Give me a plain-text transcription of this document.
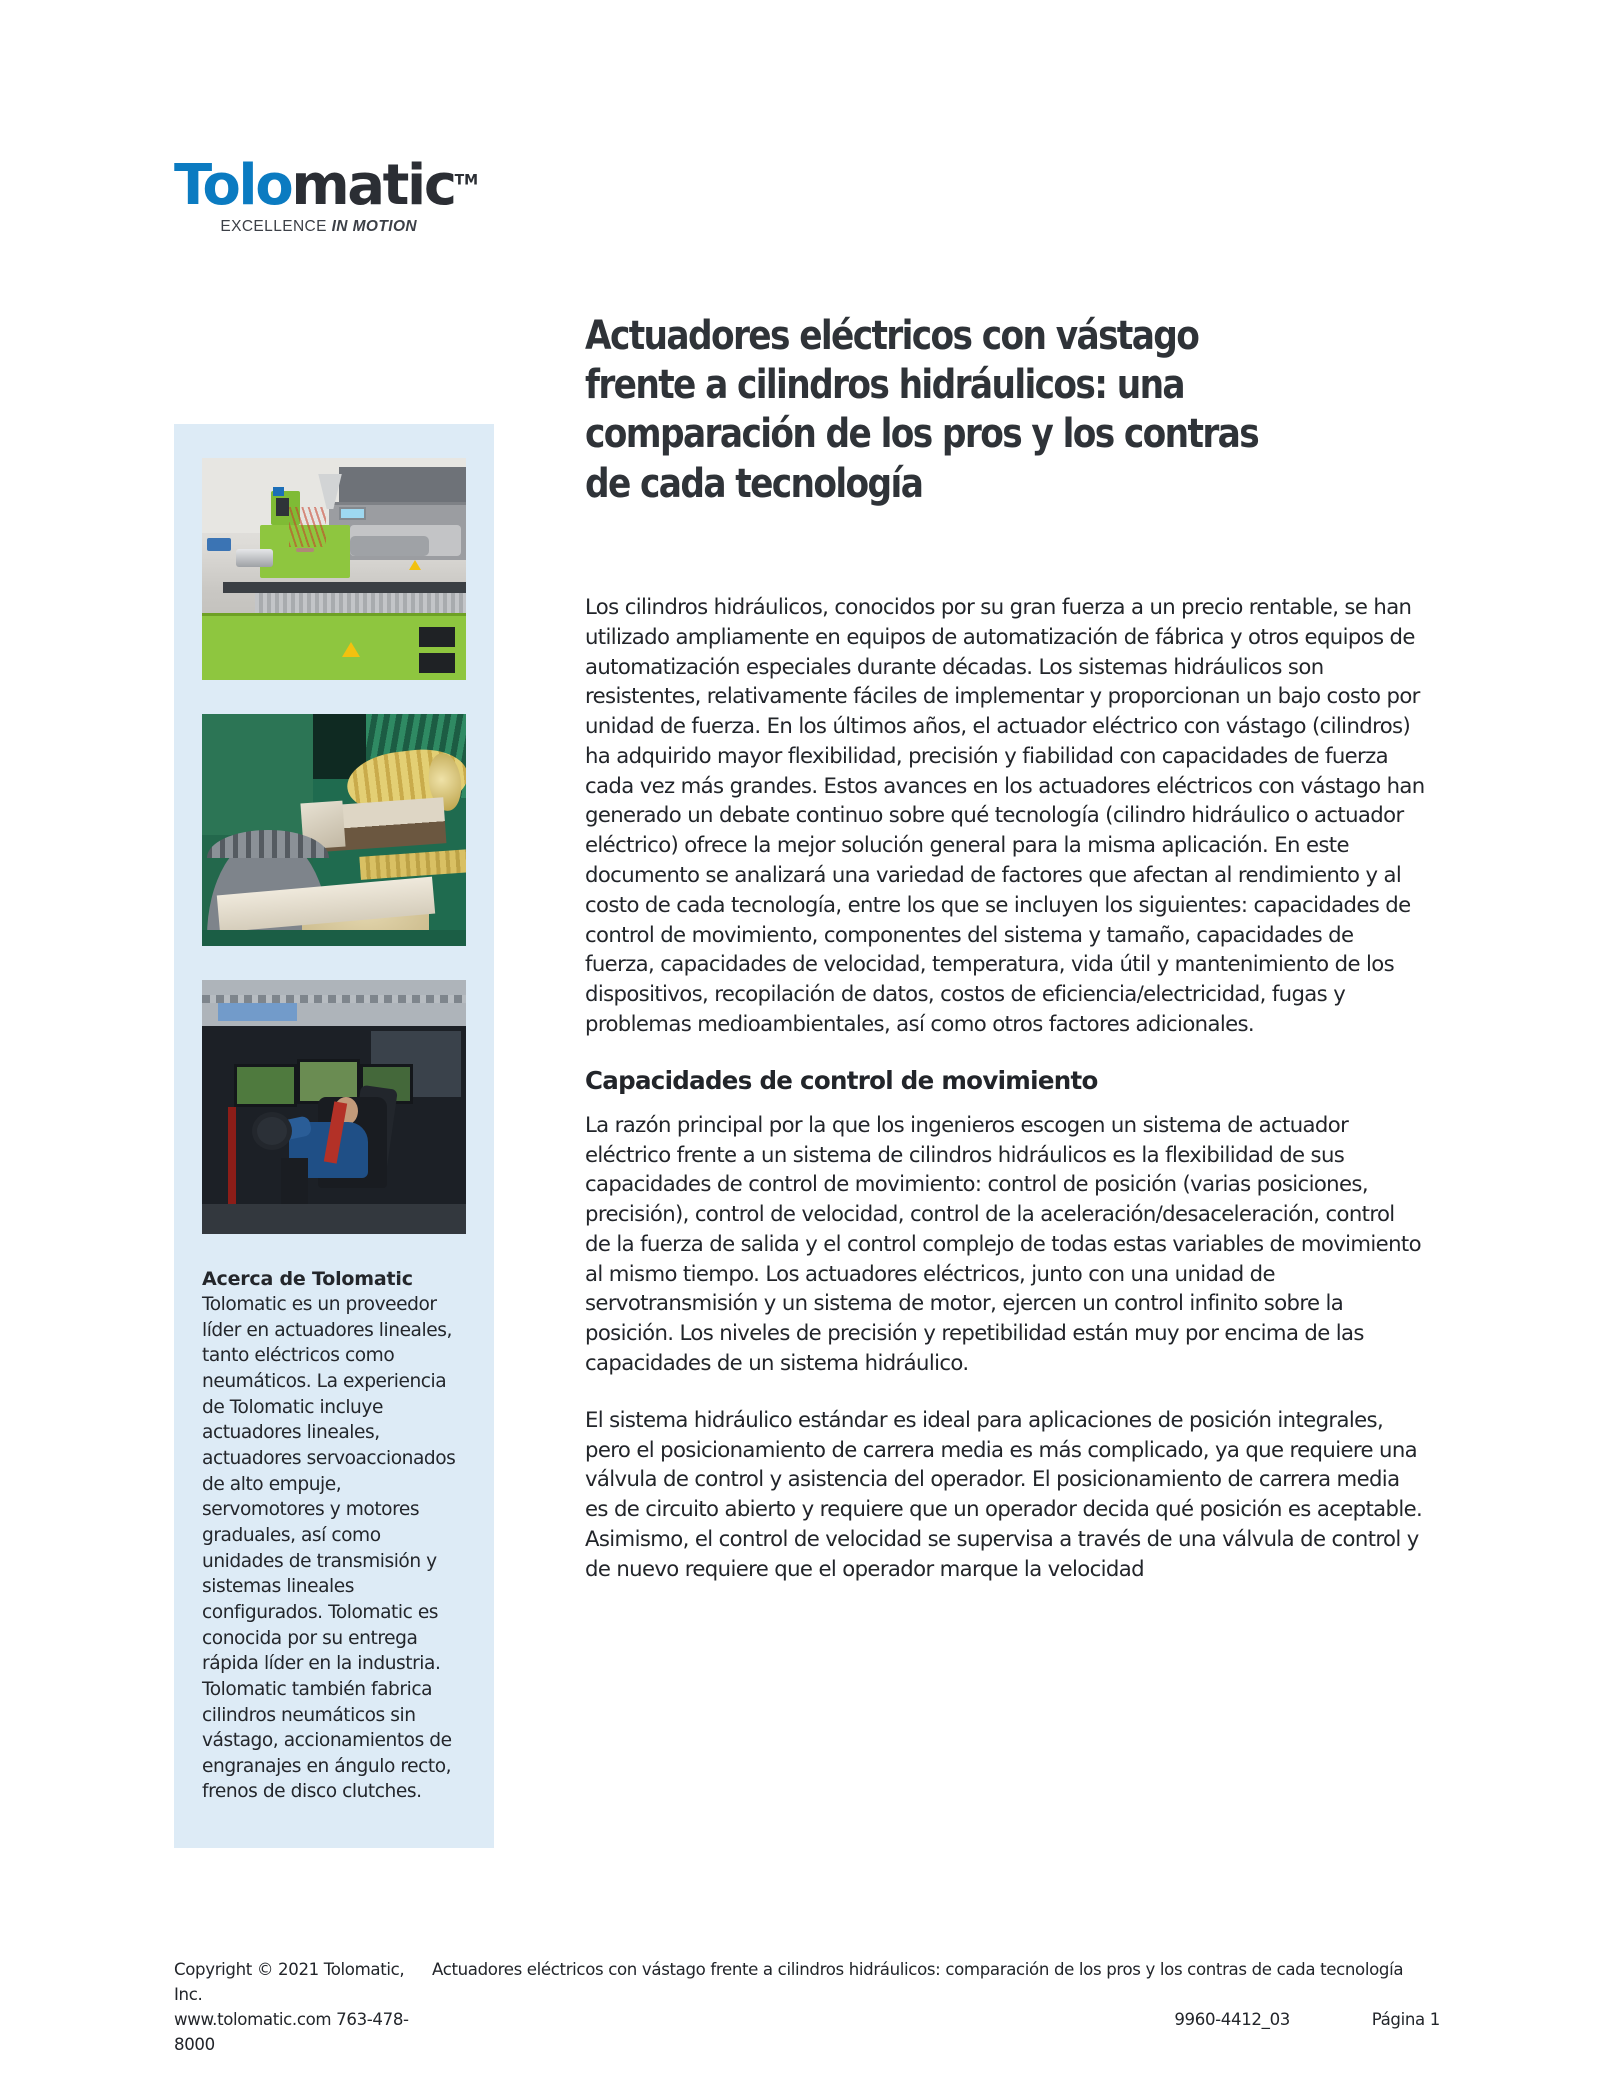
Tolomatic™
EXCELLENCE IN MOTION
Acerca de Tolomatic

Tolomatic es un proveedor líder en actuadores lineales, tanto eléctricos como neumáticos. La experiencia de Tolomatic incluye actuadores lineales, actuadores servoaccionados de alto empuje, servomotores y motores graduales, así como unidades de transmisión y sistemas lineales configurados. Tolomatic es conocida por su entrega rápida líder en la industria. Tolomatic también fabrica cilindros neumáticos sin vástago, accionamientos de engranajes en ángulo recto, frenos de disco clutches.

Actuadores eléctricos con vástago frente a cilindros hidráulicos: una comparación de los pros y los contras de cada tecnología

Los cilindros hidráulicos, conocidos por su gran fuerza a un precio rentable, se han utilizado ampliamente en equipos de automatización de fábrica y otros equipos de automatización especiales durante décadas. Los sistemas hidráulicos son resistentes, relativamente fáciles de implementar y proporcionan un bajo costo por unidad de fuerza. En los últimos años, el actuador eléctrico con vástago (cilindros) ha adquirido mayor flexibilidad, precisión y fiabilidad con capacidades de fuerza cada vez más grandes. Estos avances en los actuadores eléctricos con vástago han generado un debate continuo sobre qué tecnología (cilindro hidráulico o actuador eléctrico) ofrece la mejor solución general para la misma aplicación. En este documento se analizará una variedad de factores que afectan al rendimiento y al costo de cada tecnología, entre los que se incluyen los siguientes: capacidades de control de movimiento, componentes del sistema y tamaño, capacidades de fuerza, capacidades de velocidad, temperatura, vida útil y mantenimiento de los dispositivos, recopilación de datos, costos de eficiencia/electricidad, fugas y problemas medioambientales, así como otros factores adicionales.

Capacidades de control de movimiento

La razón principal por la que los ingenieros escogen un sistema de actuador eléctrico frente a un sistema de cilindros hidráulicos es la flexibilidad de sus capacidades de control de movimiento: control de posición (varias posiciones, precisión), control de velocidad, control de la aceleración/desaceleración, control de la fuerza de salida y el control complejo de todas estas variables de movimiento al mismo tiempo. Los actuadores eléctricos, junto con una unidad de servotransmisión y un sistema de motor, ejercen un control infinito sobre la posición. Los niveles de precisión y repetibilidad están muy por encima de las capacidades de un sistema hidráulico.

El sistema hidráulico estándar es ideal para aplicaciones de posición integrales, pero el posicionamiento de carrera media es más complicado, ya que requiere una válvula de control y asistencia del operador. El posicionamiento de carrera media es de circuito abierto y requiere que un operador decida qué posición es aceptable. Asimismo, el control de velocidad se supervisa a través de una válvula de control y de nuevo requiere que el operador marque la velocidad

Copyright © 2021 Tolomatic, Inc.
Actuadores eléctricos con vástago frente a cilindros hidráulicos: comparación de los pros y los contras de cada tecnología
www.tolomatic.com 763-478-8000
9960-4412_03	Página 1
